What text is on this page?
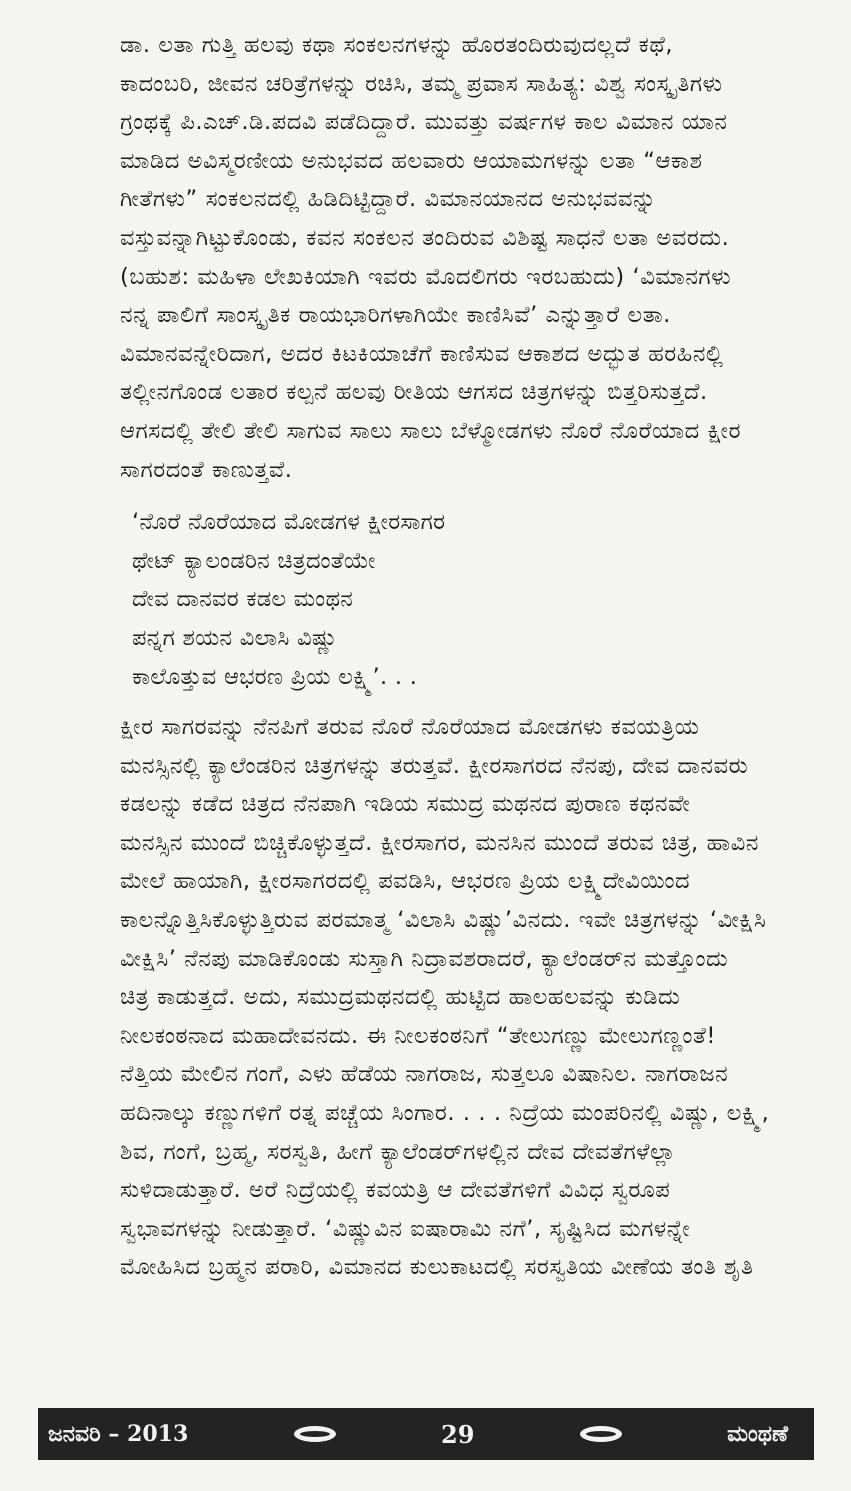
ಡಾ. ಲತಾ ಗುತ್ತಿ ಹಲವು ಕಥಾ ಸಂಕಲನಗಳನ್ನು ಹೊರತಂದಿರುವುದಲ್ಲದೆ ಕಥೆ,
ಕಾದಂಬರಿ, ಜೀವನ ಚರಿತ್ರೆಗಳನ್ನು ರಚಿಸಿ, ತಮ್ಮ ಪ್ರವಾಸ ಸಾಹಿತ್ಯ: ವಿಶ್ವ ಸಂಸ್ಕೃತಿಗಳು
ಗ್ರಂಥಕ್ಕೆ ಪಿ.ಎಚ್.ಡಿ.ಪದವಿ ಪಡೆದಿದ್ದಾರೆ. ಮುವತ್ತು ವರ್ಷಗಳ ಕಾಲ ವಿಮಾನ ಯಾನ
ಮಾಡಿದ ಅವಿಸ್ಮರಣೀಯ ಅನುಭವದ ಹಲವಾರು ಆಯಾಮಗಳನ್ನು ಲತಾ “ಆಕಾಶ
ಗೀತೆಗಳು” ಸಂಕಲನದಲ್ಲಿ ಹಿಡಿದಿಟ್ಟಿದ್ದಾರೆ. ವಿಮಾನಯಾನದ ಅನುಭವವನ್ನು
ವಸ್ತುವನ್ನಾಗಿಟ್ಟುಕೊಂಡು, ಕವನ ಸಂಕಲನ ತಂದಿರುವ ವಿಶಿಷ್ಟ ಸಾಧನೆ ಲತಾ ಅವರದು.
(ಬಹುಶ: ಮಹಿಳಾ ಲೇಖಕಿಯಾಗಿ ಇವರು ಮೊದಲಿಗರು ಇರಬಹುದು) ‘ವಿಮಾನಗಳು
ನನ್ನ ಪಾಲಿಗೆ ಸಾಂಸ್ಕೃತಿಕ ರಾಯಭಾರಿಗಳಾಗಿಯೇ ಕಾಣಿಸಿವೆ’ ಎನ್ನುತ್ತಾರೆ ಲತಾ.
ವಿಮಾನವನ್ನೇರಿದಾಗ, ಅದರ ಕಿಟಕಿಯಾಚೆಗೆ ಕಾಣಿಸುವ ಆಕಾಶದ ಅದ್ಭುತ ಹರಹಿನಲ್ಲಿ
ತಲ್ಲೀನಗೊಂಡ ಲತಾರ ಕಲ್ಪನೆ ಹಲವು ರೀತಿಯ ಆಗಸದ ಚಿತ್ರಗಳನ್ನು ಬಿತ್ತರಿಸುತ್ತದೆ.
ಆಗಸದಲ್ಲಿ ತೇಲಿ ತೇಲಿ ಸಾಗುವ ಸಾಲು ಸಾಲು ಬೆಳ್ಮೋಡಗಳು ನೊರೆ ನೊರೆಯಾದ ಕ್ಷೀರ
ಸಾಗರದಂತೆ ಕಾಣುತ್ತವೆ.

‘ನೊರೆ ನೊರೆಯಾದ ಮೋಡಗಳ ಕ್ಷೀರಸಾಗರ
ಥೇಟ್ ಕ್ಯಾಲಂಡರಿನ ಚಿತ್ರದಂತೆಯೇ
ದೇವ ದಾನವರ ಕಡಲ ಮಂಥನ
ಪನ್ನಗ ಶಯನ ವಿಲಾಸಿ ವಿಷ್ಣು
ಕಾಲೊತ್ತುವ ಆಭರಣ ಪ್ರಿಯ ಲಕ್ಷ್ಮಿ’. . .

ಕ್ಷೀರ ಸಾಗರವನ್ನು ನೆನಪಿಗೆ ತರುವ ನೊರೆ ನೊರೆಯಾದ ಮೋಡಗಳು ಕವಯತ್ರಿಯ
ಮನಸ್ಸಿನಲ್ಲಿ ಕ್ಯಾಲೆಂಡರಿನ ಚಿತ್ರಗಳನ್ನು ತರುತ್ತವೆ. ಕ್ಷೀರಸಾಗರದ ನೆನಪು, ದೇವ ದಾನವರು
ಕಡಲನ್ನು ಕಡೆದ ಚಿತ್ರದ ನೆನಪಾಗಿ ಇಡಿಯ ಸಮುದ್ರ ಮಥನದ ಪುರಾಣ ಕಥನವೇ
ಮನಸ್ಸಿನ ಮುಂದೆ ಬಿಚ್ಚಿಕೊಳ್ಳುತ್ತದೆ. ಕ್ಷೀರಸಾಗರ, ಮನಸಿನ ಮುಂದೆ ತರುವ ಚಿತ್ರ, ಹಾವಿನ
ಮೇಲೆ ಹಾಯಾಗಿ, ಕ್ಷೀರಸಾಗರದಲ್ಲಿ ಪವಡಿಸಿ, ಆಭರಣ ಪ್ರಿಯ ಲಕ್ಷ್ಮಿದೇವಿಯಿಂದ
ಕಾಲನ್ನೊತ್ತಿಸಿಕೊಳ್ಳುತ್ತಿರುವ ಪರಮಾತ್ಮ ‘ವಿಲಾಸಿ ವಿಷ್ಣು’ವಿನದು. ಇವೇ ಚಿತ್ರಗಳನ್ನು ‘ವೀಕ್ಷಿಸಿ
ವೀಕ್ಷಿಸಿ’ ನೆನಪು ಮಾಡಿಕೊಂಡು ಸುಸ್ತಾಗಿ ನಿದ್ರಾವಶರಾದರೆ, ಕ್ಯಾಲೆಂಡರ್‌ನ ಮತ್ತೊಂದು
ಚಿತ್ರ ಕಾಡುತ್ತದೆ. ಅದು, ಸಮುದ್ರಮಥನದಲ್ಲಿ ಹುಟ್ಟಿದ ಹಾಲಹಲವನ್ನು ಕುಡಿದು
ನೀಲಕಂಠನಾದ ಮಹಾದೇವನದು. ಈ ನೀಲಕಂಠನಿಗೆ “ತೇಲುಗಣ್ಣು ಮೇಲುಗಣ್ಣಂತೆ!
ನೆತ್ತಿಯ ಮೇಲಿನ ಗಂಗೆ, ಎಳು ಹೆಡೆಯ ನಾಗರಾಜ, ಸುತ್ತಲೂ ವಿಷಾನಿಲ. ನಾಗರಾಜನ
ಹದಿನಾಲ್ಕು ಕಣ್ಣುಗಳಿಗೆ ರತ್ನ ಪಚ್ಚೆಯ ಸಿಂಗಾರ. . . . ನಿದ್ರೆಯ ಮಂಪರಿನಲ್ಲಿ ವಿಷ್ಣು, ಲಕ್ಷ್ಮಿ,
ಶಿವ, ಗಂಗೆ, ಬ್ರಹ್ಮ, ಸರಸ್ವತಿ, ಹೀಗೆ ಕ್ಯಾಲೆಂಡರ್‌ಗಳಲ್ಲಿನ ದೇವ ದೇವತೆಗಳೆಲ್ಲಾ
ಸುಳಿದಾಡುತ್ತಾರೆ. ಅರೆ ನಿದ್ರೆಯಲ್ಲಿ ಕವಯತ್ರಿ ಆ ದೇವತೆಗಳಿಗೆ ವಿವಿಧ ಸ್ವರೂಪ
ಸ್ವಭಾವಗಳನ್ನು ನೀಡುತ್ತಾರೆ. ‘ವಿಷ್ಣುವಿನ ಐಷಾರಾಮಿ ನಗೆ’, ಸೃಷ್ಟಿಸಿದ ಮಗಳನ್ನೇ
ಮೋಹಿಸಿದ ಬ್ರಹ್ಮನ ಪರಾರಿ, ವಿಮಾನದ ಕುಲುಕಾಟದಲ್ಲಿ ಸರಸ್ವತಿಯ ವೀಣೆಯ ತಂತಿ ಶೃತಿ

ಜನವರಿ – 2013	29	ಮಂಥಣೆ
